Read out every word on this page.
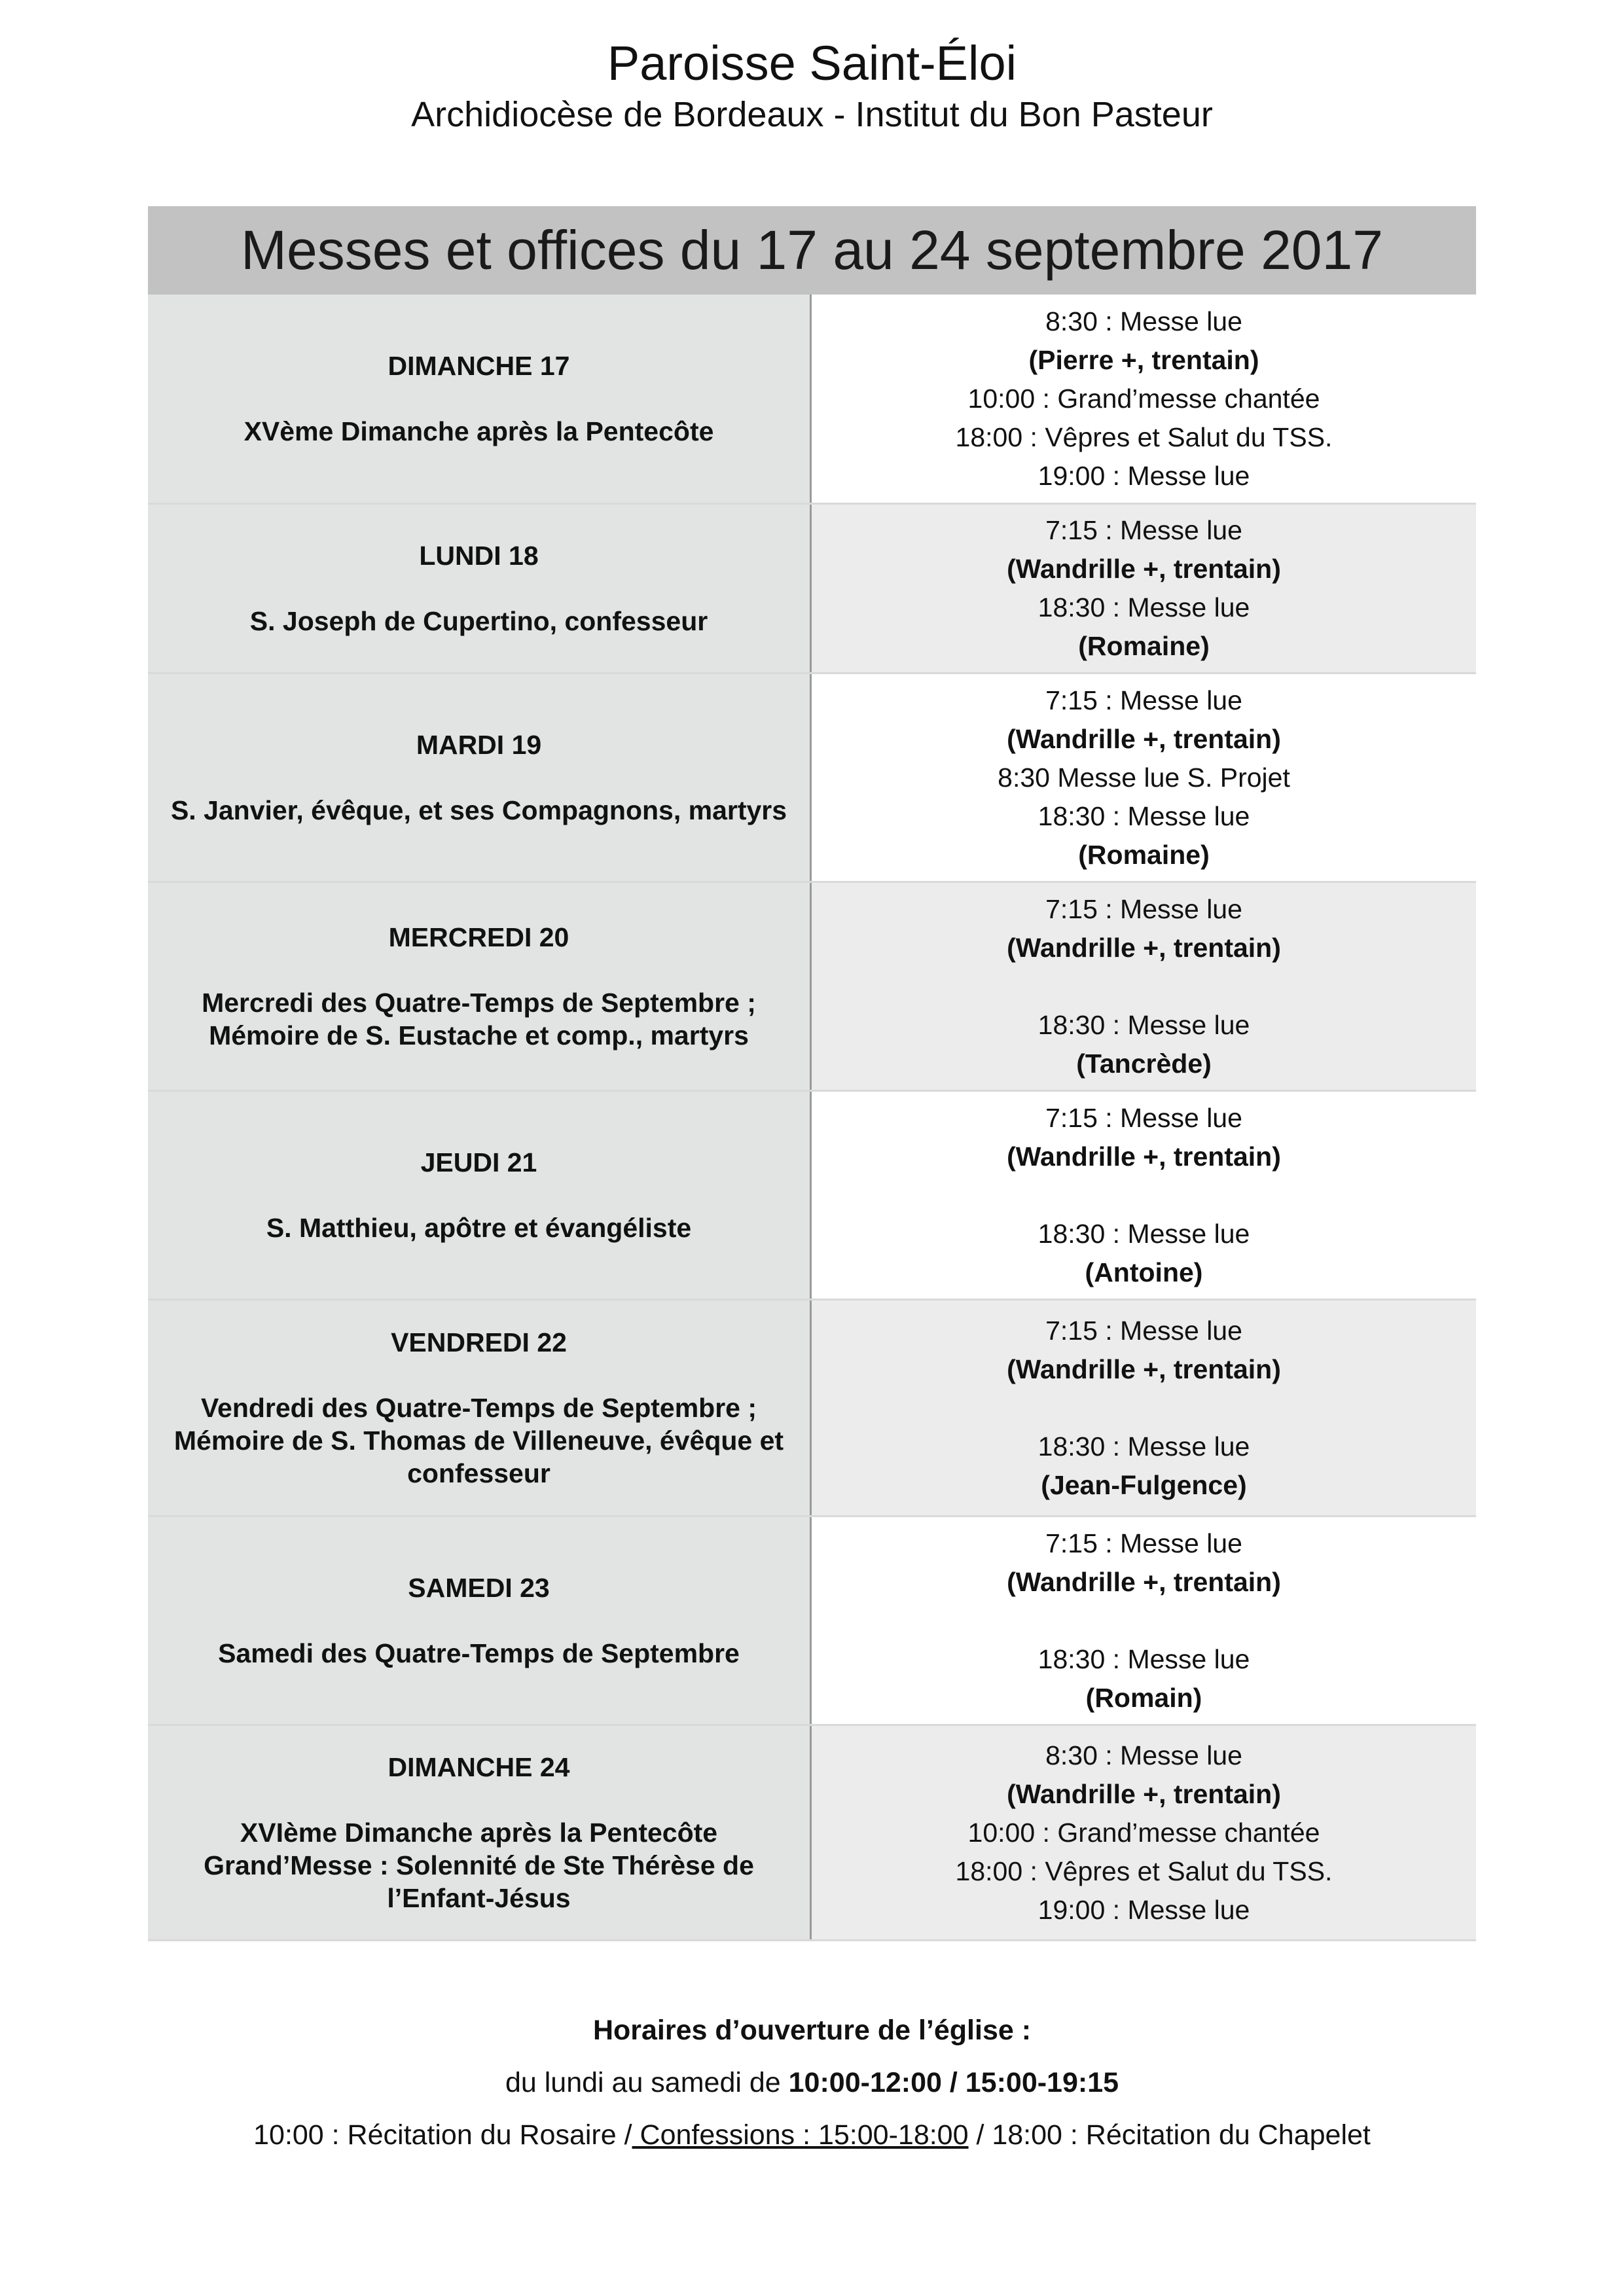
Paroisse Saint-Éloi
Archidiocèse de Bordeaux - Institut du Bon Pasteur
Messes et offices du 17 au 24 septembre 2017
DIMANCHE 17
XVème Dimanche après la Pentecôte
8:30 : Messe lue
(Pierre +, trentain)
10:00 : Grand’messe chantée
18:00 : Vêpres et Salut du TSS.
19:00 : Messe lue
LUNDI 18
S. Joseph de Cupertino, confesseur
7:15 : Messe lue
(Wandrille +, trentain)
18:30 : Messe lue
(Romaine)
MARDI 19
S. Janvier, évêque, et ses Compagnons, martyrs
7:15 : Messe lue
(Wandrille +, trentain)
8:30 Messe lue S. Projet
18:30 : Messe lue
(Romaine)
MERCREDI 20
Mercredi des Quatre-Temps de Septembre ;
Mémoire de S. Eustache et comp., martyrs
7:15 : Messe lue
(Wandrille +, trentain)
18:30 : Messe lue
(Tancrède)
JEUDI 21
S. Matthieu, apôtre et évangéliste
7:15 : Messe lue
(Wandrille +, trentain)
18:30 : Messe lue
(Antoine)
VENDREDI 22
Vendredi des Quatre-Temps de Septembre ;
Mémoire de S. Thomas de Villeneuve, évêque et
confesseur
7:15 : Messe lue
(Wandrille +, trentain)
18:30 : Messe lue
(Jean-Fulgence)
SAMEDI 23
Samedi des Quatre-Temps de Septembre
7:15 : Messe lue
(Wandrille +, trentain)
18:30 : Messe lue
(Romain)
DIMANCHE 24
XVIème Dimanche après la Pentecôte
Grand’Messe : Solennité de Ste Thérèse de
l’Enfant-Jésus
8:30 : Messe lue
(Wandrille +, trentain)
10:00 : Grand’messe chantée
18:00 : Vêpres et Salut du TSS.
19:00 : Messe lue
Horaires d’ouverture de l’église :
du lundi au samedi de 10:00-12:00 / 15:00-19:15
10:00 : Récitation du Rosaire / Confessions : 15:00-18:00 / 18:00 : Récitation du Chapelet
